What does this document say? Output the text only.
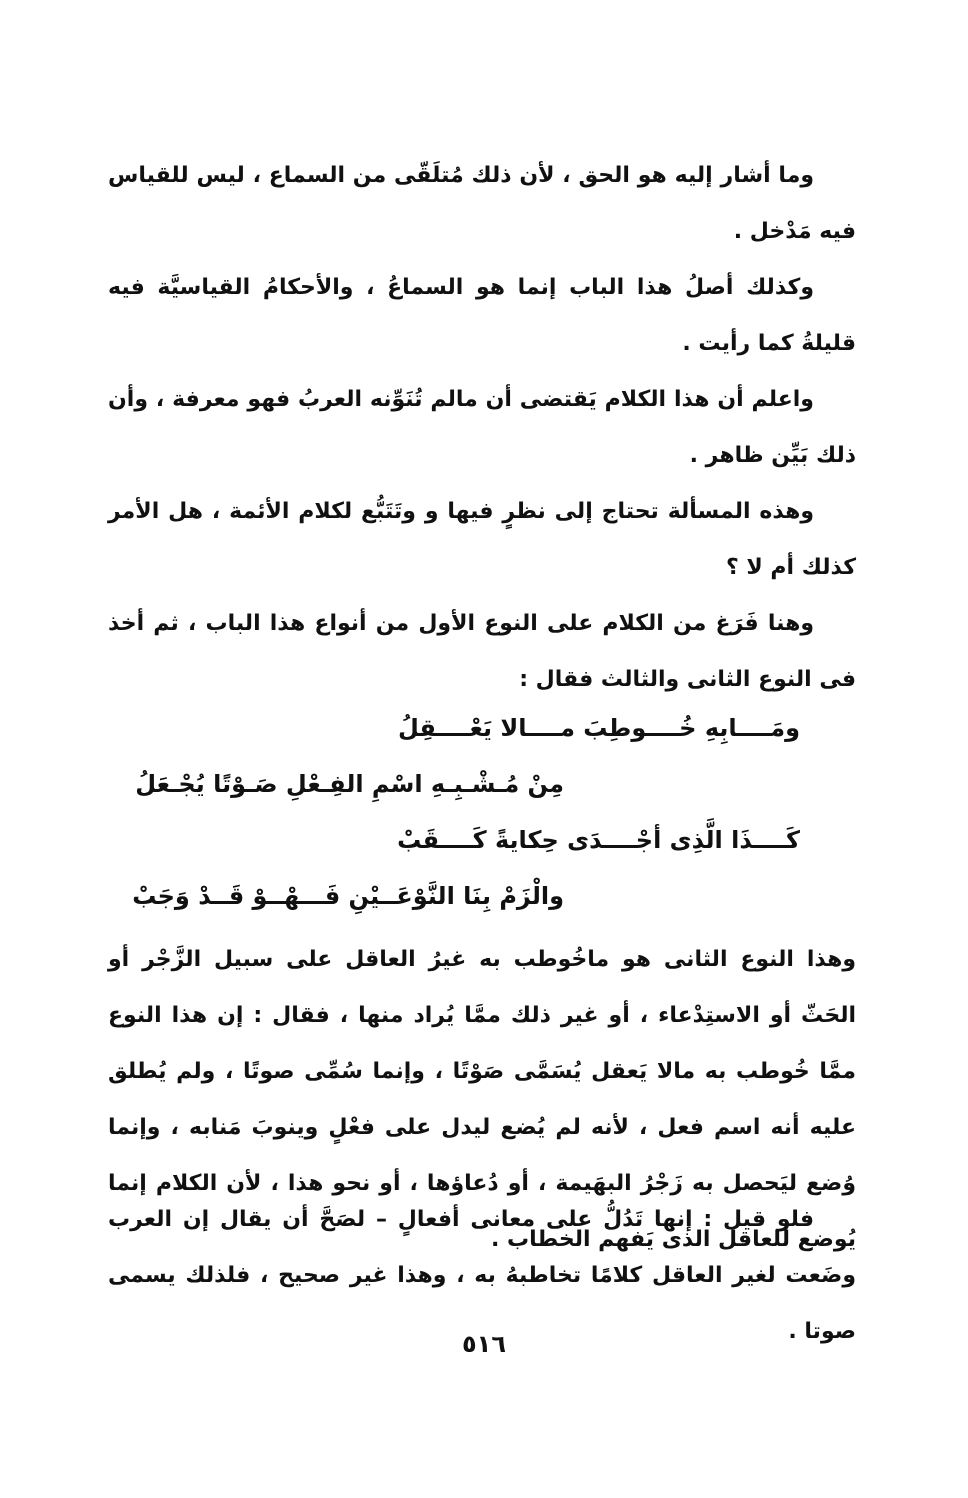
وما أشار إليه هو الحق ، لأن ذلك مُتلَقّى من السماع ، ليس للقياس فيه مَدْخل .

وكذلك أصلُ هذا الباب إنما هو السماعُ ، والأحكامُ القياسيَّة فيه قليلةُ كما رأيت .

واعلم أن هذا الكلام يَقتضى أن مالم تُنَوِّنه العربُ فهو معرفة ، وأن ذلك بَيِّن ظاهر .

وهذه المسألة تحتاج إلى نظرٍ فيها و وتَتَبُّع لكلام الأئمة ، هل الأمر كذلك أم لا ؟

وهنا فَرَغ من الكلام على النوع الأول من أنواع هذا الباب ، ثم أخذ فى النوع الثانى والثالث فقال :

ومَــــابِهِ خُــــوطِبَ مــــالا يَعْــــقِلُ

مِنْ مُـشْـبِـهِ اسْمِ الفِـعْلِ صَـوْتًا يُجْـعَلُ

كَــــذَا الَّذِى أجْــــدَى حِكايةً كَــــقَبْ

والْزَمْ بِنَا النَّوْعَــيْنِ فَـــهْــوْ قَــدْ وَجَبْ

وهذا النوع الثانى هو ماخُوطب به غيرُ العاقل على سبيل الزَّجْر أو الحَثّ أو الاستِدْعاء ، أو غير ذلك ممَّا يُراد منها ، فقال : إن هذا النوع ممَّا خُوطب به مالا يَعقل يُسَمَّى صَوْتًا ، وإنما سُمِّى صوتًا ، ولم يُطلق عليه أنه اسم فعل ، لأنه لم يُضع ليدل على فعْلٍ وينوبَ مَنابه ، وإنما وُضع ليَحصل به زَجْرُ البهَيمة ، أو دُعاؤها ، أو نحو هذا ، لأن الكلام إنما يُوضع للعاقل الذى يَفهم الخطاب .

فلو قيل : إنها تَدُلُّ على معانى أفعالٍ – لصَحَّ أن يقال إن العرب وضَعت لغير العاقل كلامًا تخاطبهُ به ، وهذا غير صحيح ، فلذلك يسمى صوتا .

٥١٦
